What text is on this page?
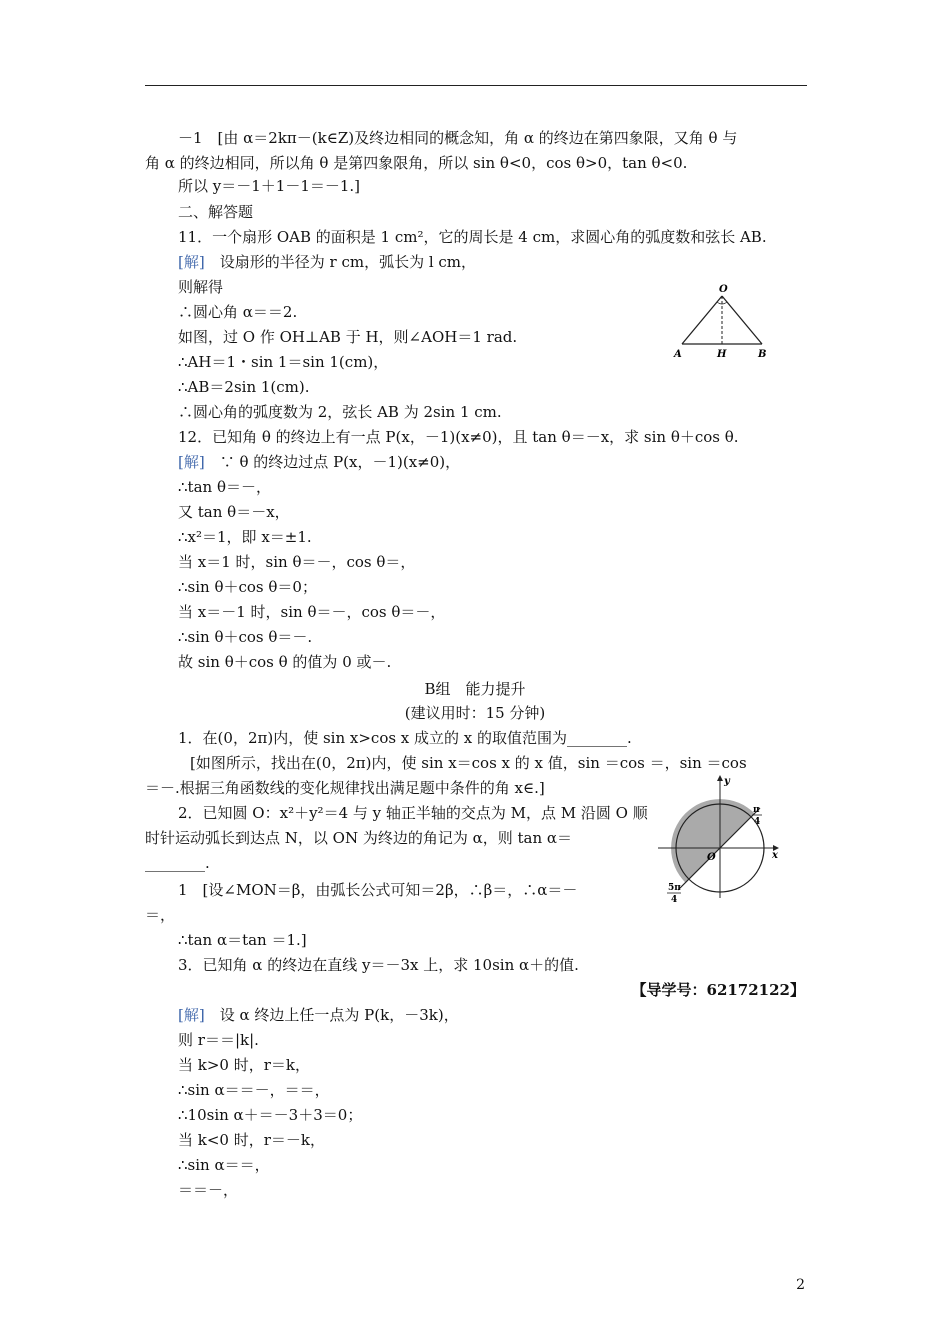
－1　[由 α＝2kπ－(k∈Z)及终边相同的概念知，角 α 的终边在第四象限，又角 θ 与
角 α 的终边相同，所以角 θ 是第四象限角，所以 sin θ<0，cos θ>0，tan θ<0.
所以 y＝－1＋1－1＝－1.]
二、解答题
11．一个扇形 OAB 的面积是 1 cm²，它的周长是 4 cm，求圆心角的弧度数和弦长 AB.
[解]　 设扇形的半径为 r cm，弧长为 l cm，
则解得
∴圆心角 α＝＝2.
如图，过 O 作 OH⊥AB 于 H，则∠AOH＝1 rad.
∴AH＝1・sin 1＝sin 1(cm)，
∴AB＝2sin 1(cm).
∴圆心角的弧度数为 2，弦长 AB 为 2sin 1 cm.
O
A	H	B
12．已知角 θ 的终边上有一点 P(x，－1)(x≠0)，且 tan θ＝－x，求 sin θ＋cos θ.
[解]　 ∵ θ 的终边过点 P(x，－1)(x≠0)，
∴tan θ＝－，
又 tan θ＝－x，
∴x²＝1，即 x＝±1.
当 x＝1 时，sin θ＝－，cos θ＝，
∴sin θ＋cos θ＝0；
当 x＝－1 时，sin θ＝－，cos θ＝－，
∴sin θ＋cos θ＝－.
故 sin θ＋cos θ 的值为 0 或－.
B组　能力提升
(建议用时：15 分钟)
1．在(0，2π)内，使 sin x>cos x 成立的 x 的取值范围为________.
[如图所示，找出在(0，2π)内，使 sin x＝cos x 的 x 值，sin ＝cos ＝，sin ＝cos
＝－.根据三角函数线的变化规律找出满足题中条件的角 x∈.]
2．已知圆 O：x²＋y²＝4 与 y 轴正半轴的交点为 M，点 M 沿圆 O 顺
时针运动弧长到达点 N，以 ON 为终边的角记为 α，则 tan α＝
________.
1　[设∠MON＝β，由弧长公式可知＝2β，∴β＝，∴α＝－
＝，
∴tan α＝tan ＝1.]
y
x
O
π
4
5π
4
3．已知角 α 的终边在直线 y＝－3x 上，求 10sin α＋的值.
【导学号：62172122】
[解]　 设 α 终边上任一点为 P(k，－3k)，
则 r＝＝|k|.
当 k>0 时，r＝k，
∴sin α＝＝－，＝＝，
∴10sin α＋＝－3＋3＝0；
当 k<0 时，r＝－k，
∴sin α＝＝，
＝＝－，
2
